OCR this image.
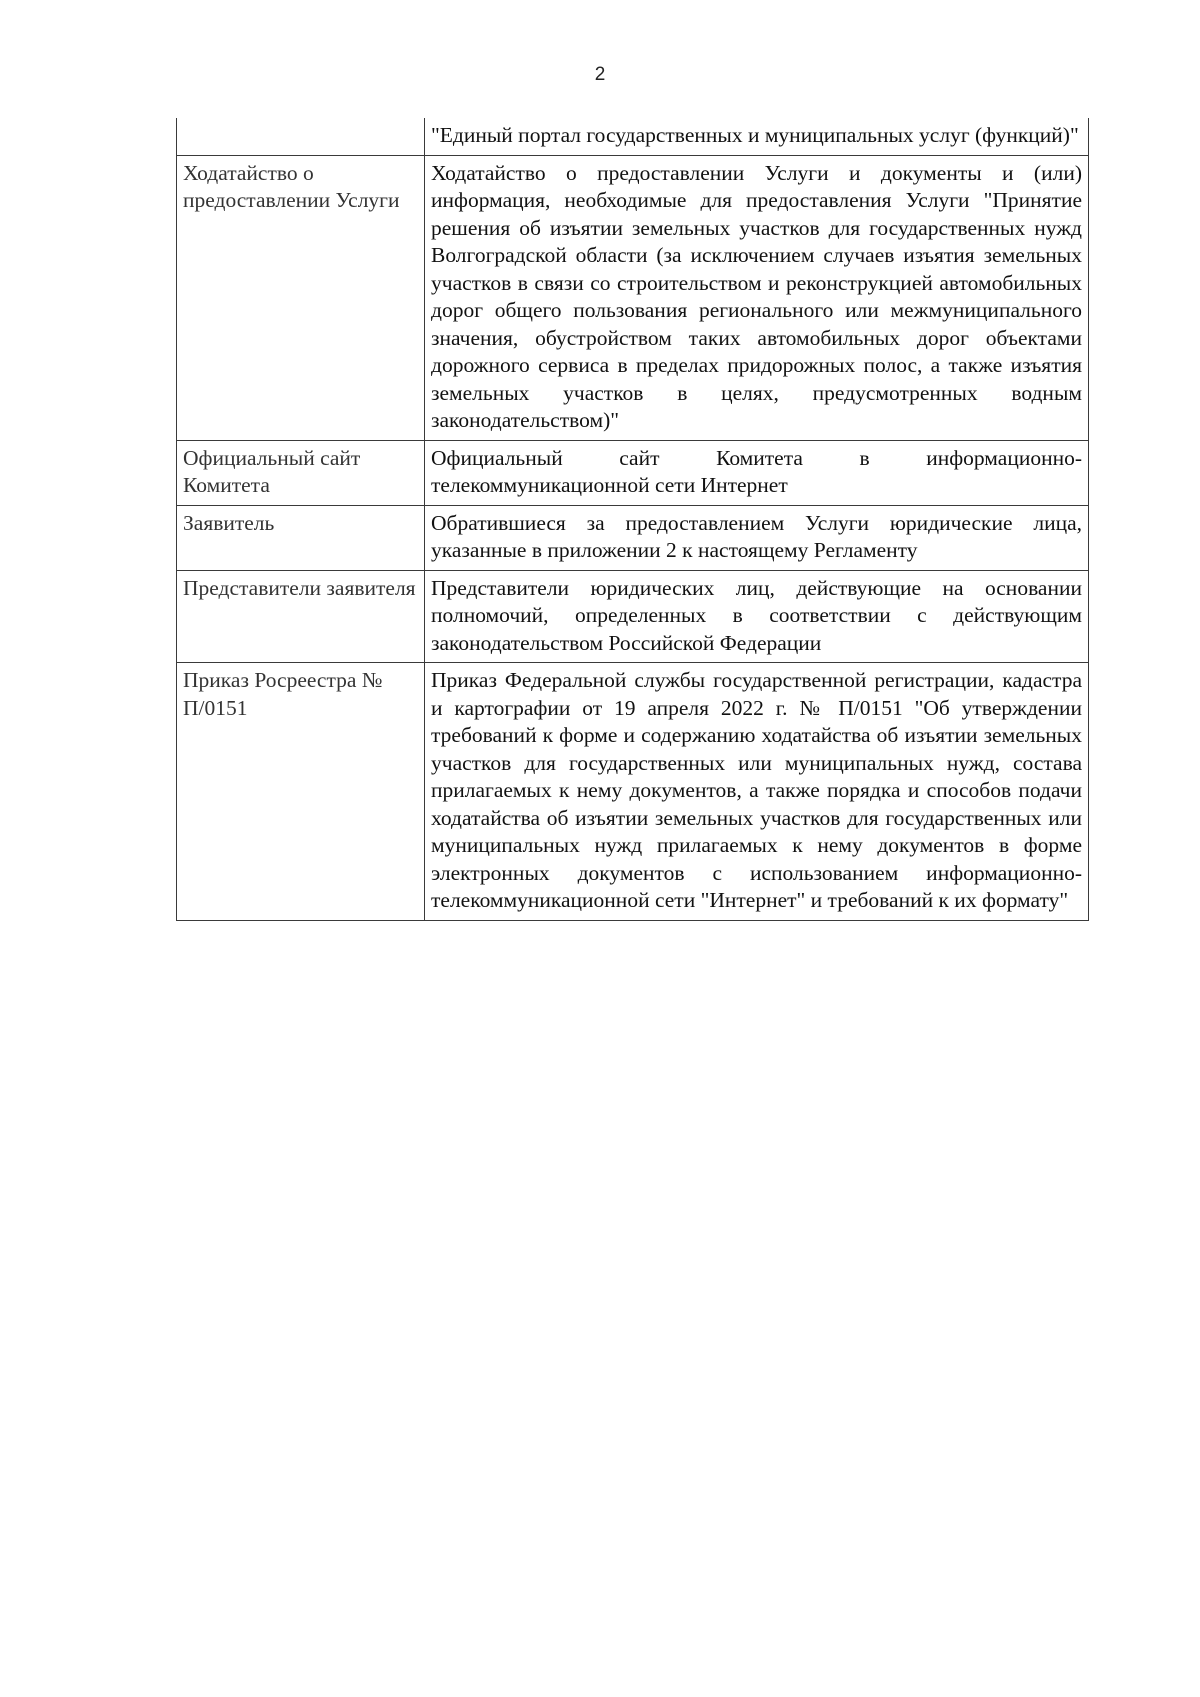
2
	"Единый портал государственных и муниципальных услуг (функций)"
Ходатайство о предоставлении Услуги	Ходатайство о предоставлении Услуги и документы и (или) информация, необходимые для предоставления Услуги "Принятие решения об изъятии земельных участков для государственных нужд Волгоградской области (за исключением случаев изъятия земельных участков в связи со строительством и реконструкцией автомобильных дорог общего пользования регионального или межмуниципального значения, обустройством таких автомобильных дорог объектами дорожного сервиса в пределах придорожных полос, а также изъятия земельных участков в целях, предусмотренных водным законодательством)"
Официальный сайт Комитета	Официальный сайт Комитета в информационно-телекоммуникационной сети Интернет
Заявитель	Обратившиеся за предоставлением Услуги юридические лица, указанные в приложении 2 к настоящему Регламенту
Представители заявителя	Представители юридических лиц, действующие на основании полномочий, определенных в соответствии с действующим законодательством Российской Федерации
Приказ Росреестра № П/0151	Приказ Федеральной службы государственной регистрации, кадастра и картографии от 19 апреля 2022 г. № П/0151 "Об утверждении требований к форме и содержанию ходатайства об изъятии земельных участков для государственных или муниципальных нужд, состава прилагаемых к нему документов, а также порядка и способов подачи ходатайства об изъятии земельных участков для государственных или муниципальных нужд прилагаемых к нему документов в форме электронных документов с использованием информационно-телекоммуникационной сети "Интернет" и требований к их формату"
